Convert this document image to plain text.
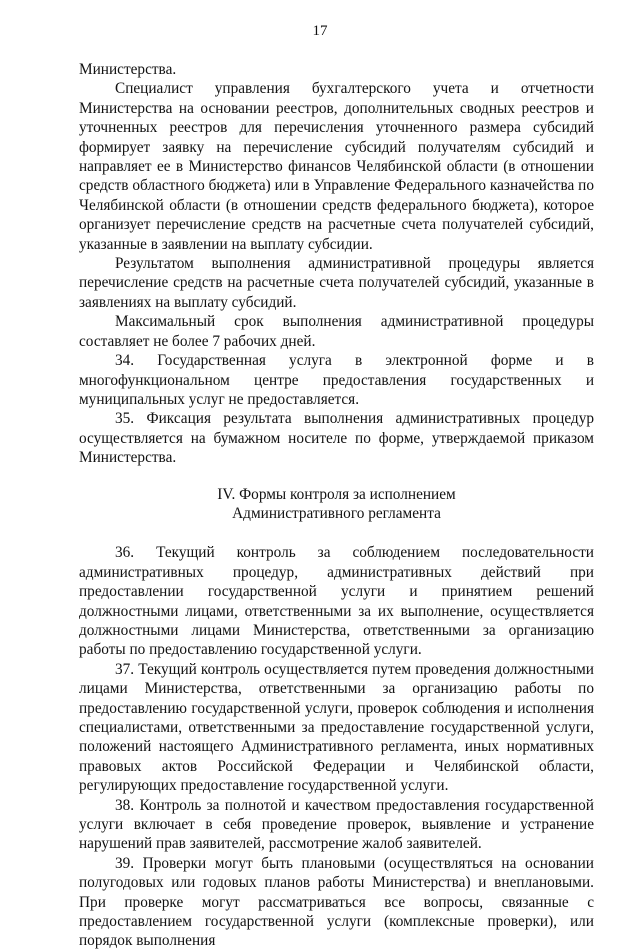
17

Министерства.

Специалист управления бухгалтерского учета и отчетности Министерства на основании реестров, дополнительных сводных реестров и уточненных реестров для перечисления уточненного размера субсидий формирует заявку на перечисление субсидий получателям субсидий и направляет ее в Министерство финансов Челябинской области (в отношении средств областного бюджета) или в Управление Федерального казначейства по Челябинской области (в отношении средств федерального бюджета), которое организует перечисление средств на расчетные счета получателей субсидий, указанные в заявлении на выплату субсидии.

Результатом выполнения административной процедуры является перечисление средств на расчетные счета получателей субсидий, указанные в заявлениях на выплату субсидий.

Максимальный срок выполнения административной процедуры составляет не более 7 рабочих дней.

34. Государственная услуга в электронной форме и в многофункциональном центре предоставления государственных и муниципальных услуг не предоставляется.

35. Фиксация результата выполнения административных процедур осуществляется на бумажном носителе по форме, утверждаемой приказом Министерства.

IV. Формы контроля за исполнением
Административного регламента

36. Текущий контроль за соблюдением последовательности административных процедур, административных действий при предоставлении государственной услуги и принятием решений должностными лицами, ответственными за их выполнение, осуществляется должностными лицами Министерства, ответственными за организацию работы по предоставлению государственной услуги.

37. Текущий контроль осуществляется путем проведения должностными лицами Министерства, ответственными за организацию работы по предоставлению государственной услуги, проверок соблюдения и исполнения специалистами, ответственными за предоставление государственной услуги, положений настоящего Административного регламента, иных нормативных правовых актов Российской Федерации и Челябинской области, регулирующих предоставление государственной услуги.

38. Контроль за полнотой и качеством предоставления государственной услуги включает в себя проведение проверок, выявление и устранение нарушений прав заявителей, рассмотрение жалоб заявителей.

39. Проверки могут быть плановыми (осуществляться на основании полугодовых или годовых планов работы Министерства) и внеплановыми. При проверке могут рассматриваться все вопросы, связанные с предоставлением государственной услуги (комплексные проверки), или порядок выполнения
